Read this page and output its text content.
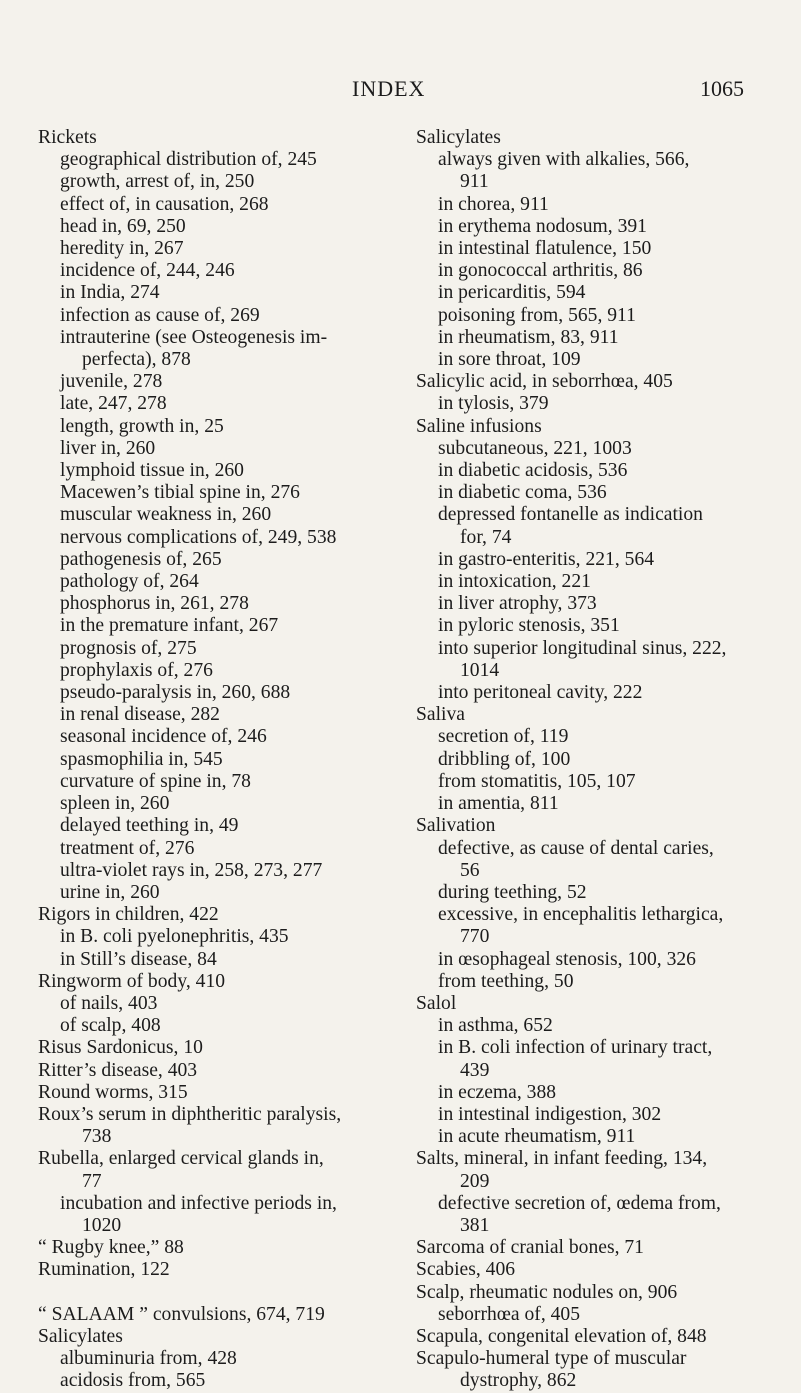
INDEX	1065
Rickets
geographical distribution of, 245
growth, arrest of, in, 250
effect of, in causation, 268
head in, 69, 250
heredity in, 267
incidence of, 244, 246
in India, 274
infection as cause of, 269
intrauterine (see Osteogenesis im-
perfecta), 878
juvenile, 278
late, 247, 278
length, growth in, 25
liver in, 260
lymphoid tissue in, 260
Macewen’s tibial spine in, 276
muscular weakness in, 260
nervous complications of, 249, 538
pathogenesis of, 265
pathology of, 264
phosphorus in, 261, 278
in the premature infant, 267
prognosis of, 275
prophylaxis of, 276
pseudo-paralysis in, 260, 688
in renal disease, 282
seasonal incidence of, 246
spasmophilia in, 545
curvature of spine in, 78
spleen in, 260
delayed teething in, 49
treatment of, 276
ultra-violet rays in, 258, 273, 277
urine in, 260
Rigors in children, 422
in B. coli pyelonephritis, 435
in Still’s disease, 84
Ringworm of body, 410
of nails, 403
of scalp, 408
Risus Sardonicus, 10
Ritter’s disease, 403
Round worms, 315
Roux’s serum in diphtheritic paralysis,
738
Rubella, enlarged cervical glands in,
77
incubation and infective periods in,
1020
“ Rugby knee,” 88
Rumination, 122
“ SALAAM ” convulsions, 674, 719
Salicylates
albuminuria from, 428
acidosis from, 565
Salicylates
always given with alkalies, 566,
911
in chorea, 911
in erythema nodosum, 391
in intestinal flatulence, 150
in gonococcal arthritis, 86
in pericarditis, 594
poisoning from, 565, 911
in rheumatism, 83, 911
in sore throat, 109
Salicylic acid, in seborrhœa, 405
in tylosis, 379
Saline infusions
subcutaneous, 221, 1003
in diabetic acidosis, 536
in diabetic coma, 536
depressed fontanelle as indication
for, 74
in gastro-enteritis, 221, 564
in intoxication, 221
in liver atrophy, 373
in pyloric stenosis, 351
into superior longitudinal sinus, 222,
1014
into peritoneal cavity, 222
Saliva
secretion of, 119
dribbling of, 100
from stomatitis, 105, 107
in amentia, 811
Salivation
defective, as cause of dental caries,
56
during teething, 52
excessive, in encephalitis lethargica,
770
in œsophageal stenosis, 100, 326
from teething, 50
Salol
in asthma, 652
in B. coli infection of urinary tract,
439
in eczema, 388
in intestinal indigestion, 302
in acute rheumatism, 911
Salts, mineral, in infant feeding, 134,
209
defective secretion of, œdema from,
381
Sarcoma of cranial bones, 71
Scabies, 406
Scalp, rheumatic nodules on, 906
seborrhœa of, 405
Scapula, congenital elevation of, 848
Scapulo-humeral type of muscular
dystrophy, 862
